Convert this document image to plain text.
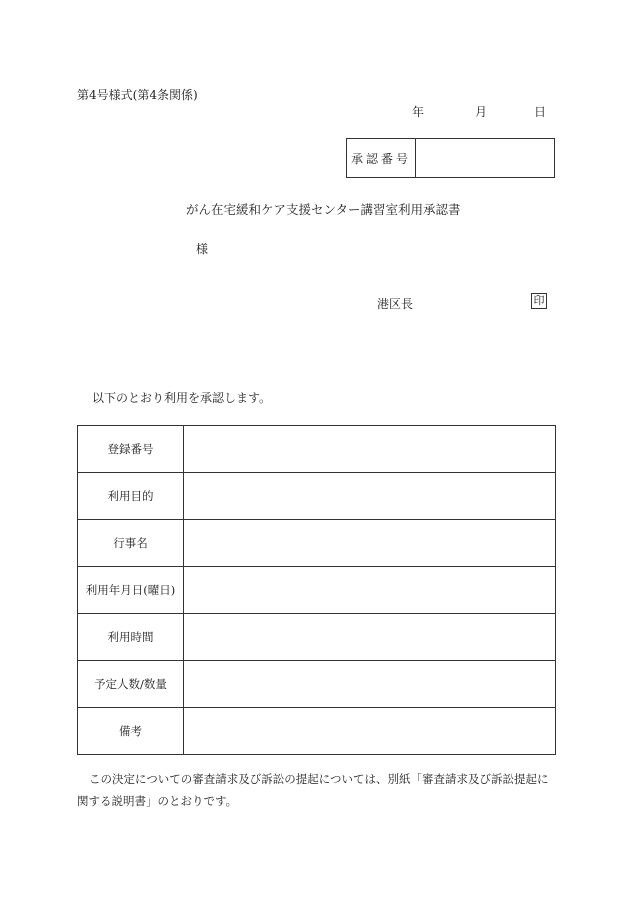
第4号様式(第4条関係)
年	月	日
承認番号
がん在宅緩和ケア支援センター講習室利用承認書
様
港区長	印
以下のとおり利用を承認します。
登録番号	
利用目的	
行事名	
利用年月日(曜日)	
利用時間	
予定人数/数量	
備考	
この決定についての審査請求及び訴訟の提起については、別紙「審査請求及び訴訟提起に関する説明書」のとおりです。
